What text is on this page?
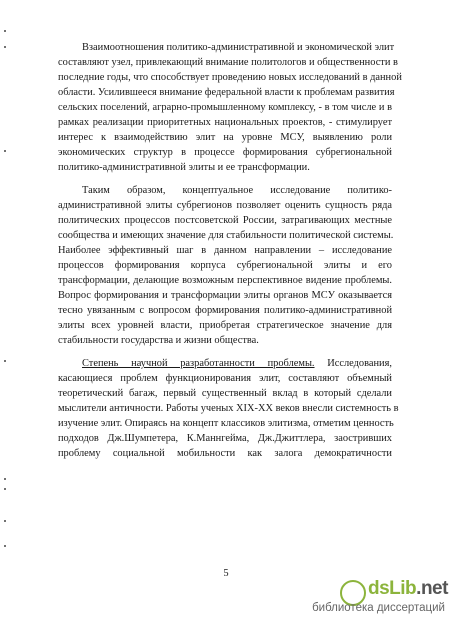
Взаимоотношения политико-административной и экономической элит
составляют узел, привлекающий внимание политологов и общественности в
последние годы, что способствует проведению новых исследований в данной
области. Усилившееся внимание федеральной власти к проблемам развития
сельских поселений, аграрно-промышленному комплексу, - в том числе и в
рамках реализации приоритетных национальных проектов, - стимулирует
интерес к взаимодействию элит на уровне МСУ, выявлению роли
экономических структур в процессе формирования субрегиональной
политико-административной элиты и ее трансформации.
Таким образом, концептуальное исследование политико-
административной элиты субрегионов позволяет оценить сущность ряда
политических процессов постсоветской России, затрагивающих местные
сообщества и имеющих значение для стабильности политической системы.
Наиболее эффективный шаг в данном направлении – исследование
процессов формирования корпуса субрегиональной элиты и его
трансформации, делающие возможным перспективное видение проблемы.
Вопрос формирования и трансформации элиты органов МСУ оказывается
тесно увязанным с вопросом формирования политико-административной
элиты всех уровней власти, приобретая стратегическое значение для
стабильности государства и жизни общества.
Степень научной разработанности проблемы. Исследования,
касающиеся проблем функционирования элит, составляют объемный
теоретический багаж, первый существенный вклад в который сделали
мыслители античности. Работы ученых XIX-XX веков внесли системность в
изучение элит. Опираясь на концепт классиков элитизма, отметим ценность
подходов Дж.Шумпетера, К.Маннгейма, Дж.Джиттлера, заостривших
проблему социальной мобильности как залога демократичности
5
dsLib.net
библиотека диссертаций
